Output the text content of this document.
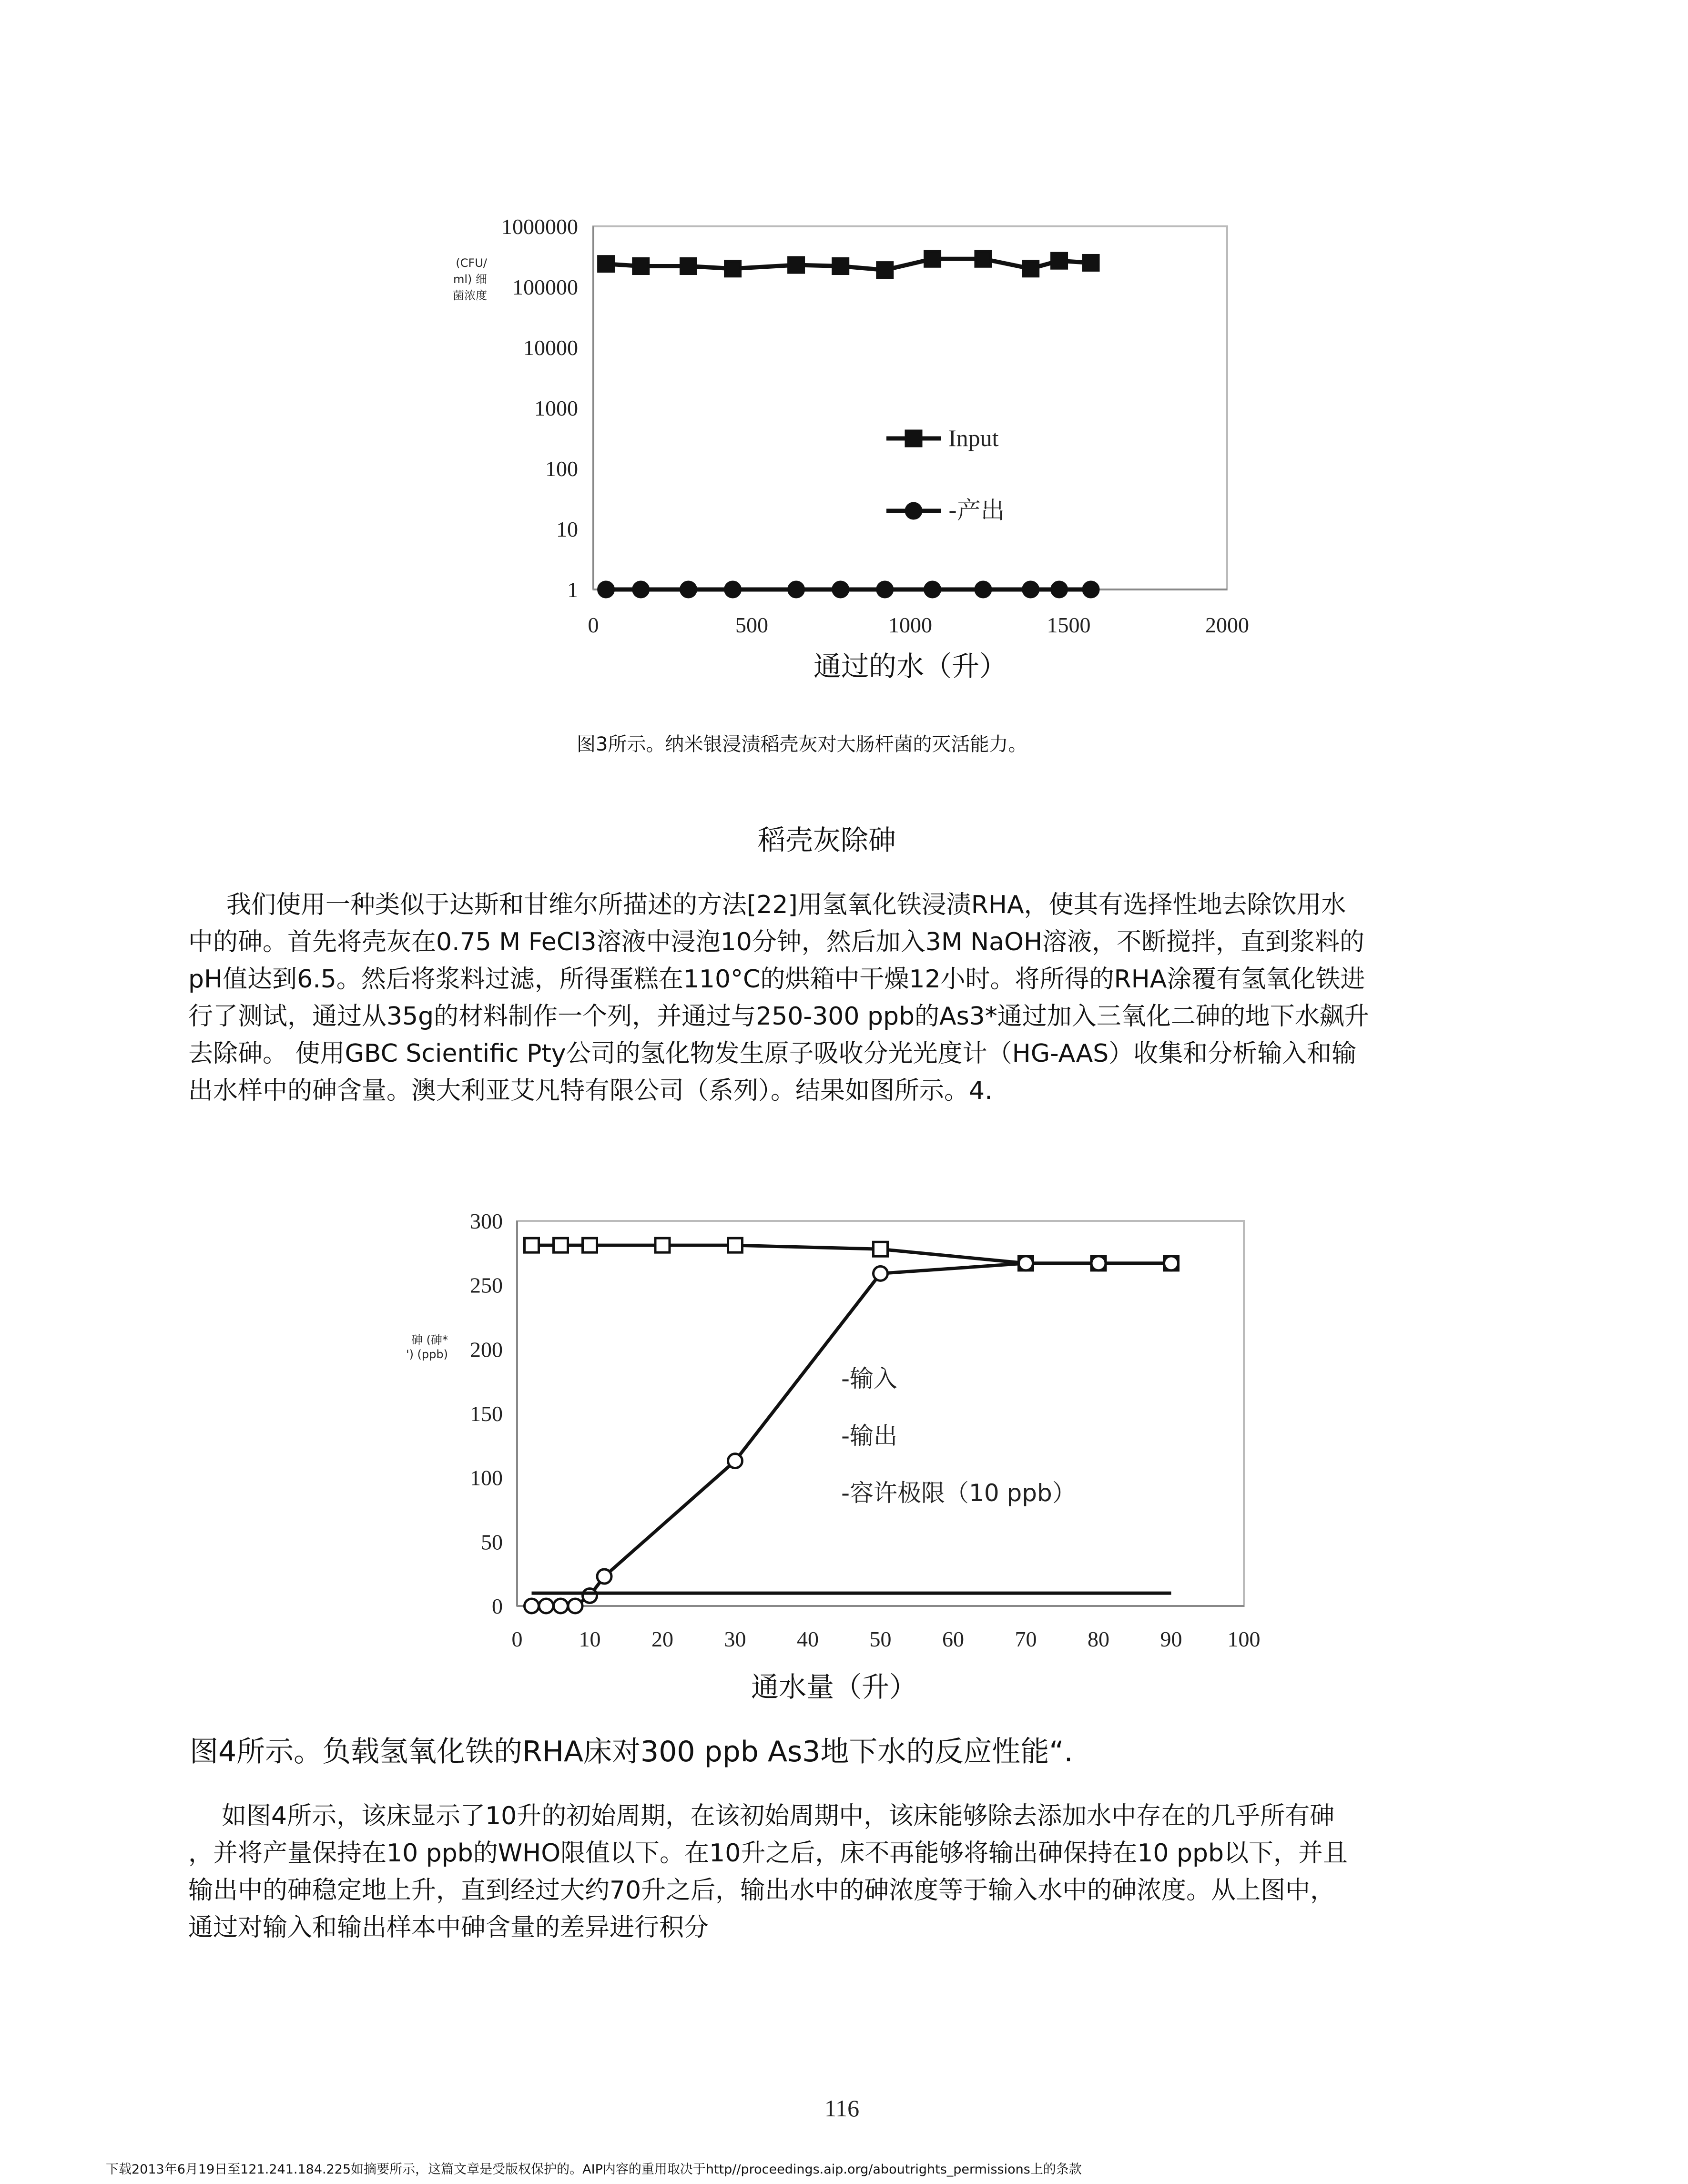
1
10
100
1000
10000
100000
1000000
0	500	1000	1500	2000
Input
-产出
通过的水（升）
(CFU/
ml) 细
菌浓度
图3所示。纳米银浸渍稻壳灰对大肠杆菌的灭活能力。
稻壳灰除砷
我们使用一种类似于达斯和甘维尔所描述的方法[22]用氢氧化铁浸渍RHA，使其有选择性地去除饮用水
中的砷。首先将壳灰在0.75 M FeCl3溶液中浸泡10分钟，然后加入3M NaOH溶液，不断搅拌，直到浆料的
pH值达到6.5。然后将浆料过滤，所得蛋糕在110°C的烘箱中干燥12小时。将所得的RHA涂覆有氢氧化铁进
行了测试，通过从35g的材料制作一个列，并通过与250-300 ppb的As3*通过加入三氧化二砷的地下水飙升
去除砷。 使用GBC Scientific Pty公司的氢化物发生原子吸收分光光度计（HG-AAS）收集和分析输入和输
出水样中的砷含量。澳大利亚艾凡特有限公司（系列）。结果如图所示。4.
0
50
100
150
200
250
300
0	10 20 30 40 50 60 70 80 90 100
-输入
-输出
-容许极限（10 ppb）
通水量（升）
砷 (砷*
') (ppb)
图4所示。负载氢氧化铁的RHA床对300 ppb As3地下水的反应性能“.
如图4所示，该床显示了10升的初始周期，在该初始周期中，该床能够除去添加水中存在的几乎所有砷
，并将产量保持在10 ppb的WHO限值以下。在10升之后，床不再能够将输出砷保持在10 ppb以下，并且
输出中的砷稳定地上升，直到经过大约70升之后，输出水中的砷浓度等于输入水中的砷浓度。从上图中，
通过对输入和输出样本中砷含量的差异进行积分
116
下载2013年6月19日至121.241.184.225如摘要所示，这篇文章是受版权保护的。AIP内容的重用取决于http//proceedings.aip.org/aboutrights_permissions上的条款
